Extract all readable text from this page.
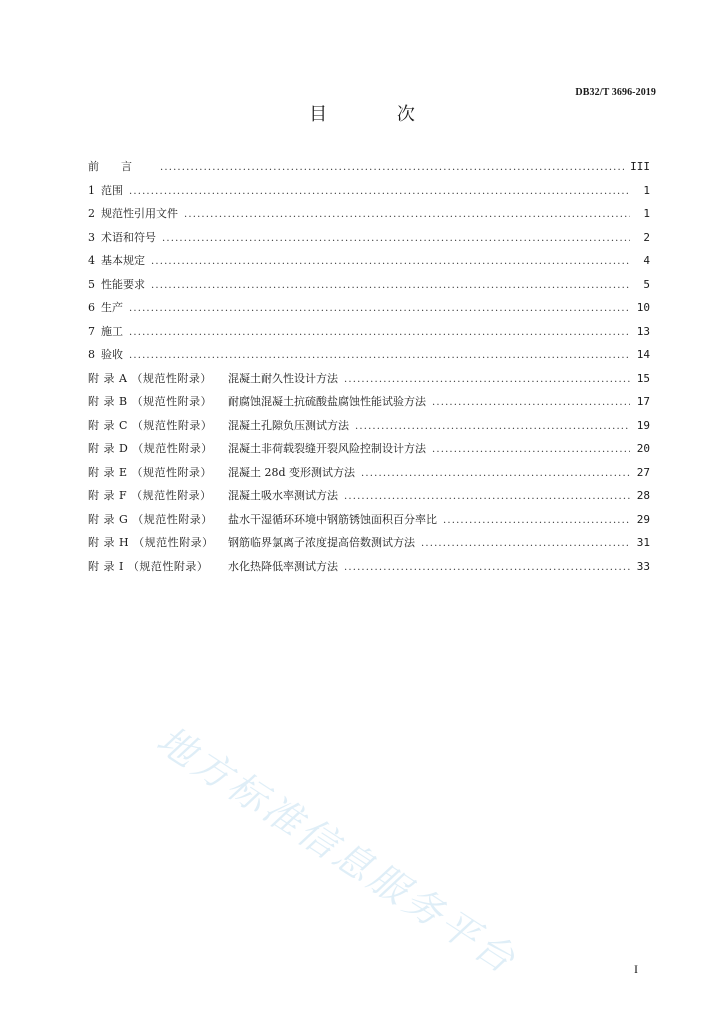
DB32/T 3696-2019
目 次
前言 . . .	III
1 范围 . . .	1
2 规范性引用文件 . . .	1
3 术语和符号 . . .	2
4 基本规定 . . .	4
5 性能要求 . . .	5
6 生产 . . .	10
7 施工 . . .	13
8 验收 . . .	14
附 录 A （规范性附录）	混凝土耐久性设计方法 . . .	15
附 录 B （规范性附录）	耐腐蚀混凝土抗硫酸盐腐蚀性能试验方法 . . .	17
附 录 C （规范性附录）	混凝土孔隙负压测试方法 . . .	19
附 录 D （规范性附录）	混凝土非荷载裂缝开裂风险控制设计方法 . . .	20
附 录 E （规范性附录）	混凝土 28d 变形测试方法 . . .	27
附 录 F （规范性附录）	混凝土吸水率测试方法 . . .	28
附 录 G （规范性附录）	盐水干湿循环环境中钢筋锈蚀面积百分率比 . . .	29
附 录 H （规范性附录）	钢筋临界氯离子浓度提高倍数测试方法 . . .	31
附 录 I （规范性附录）	水化热降低率测试方法 . . .	33
地方标准信息服务平台	I
